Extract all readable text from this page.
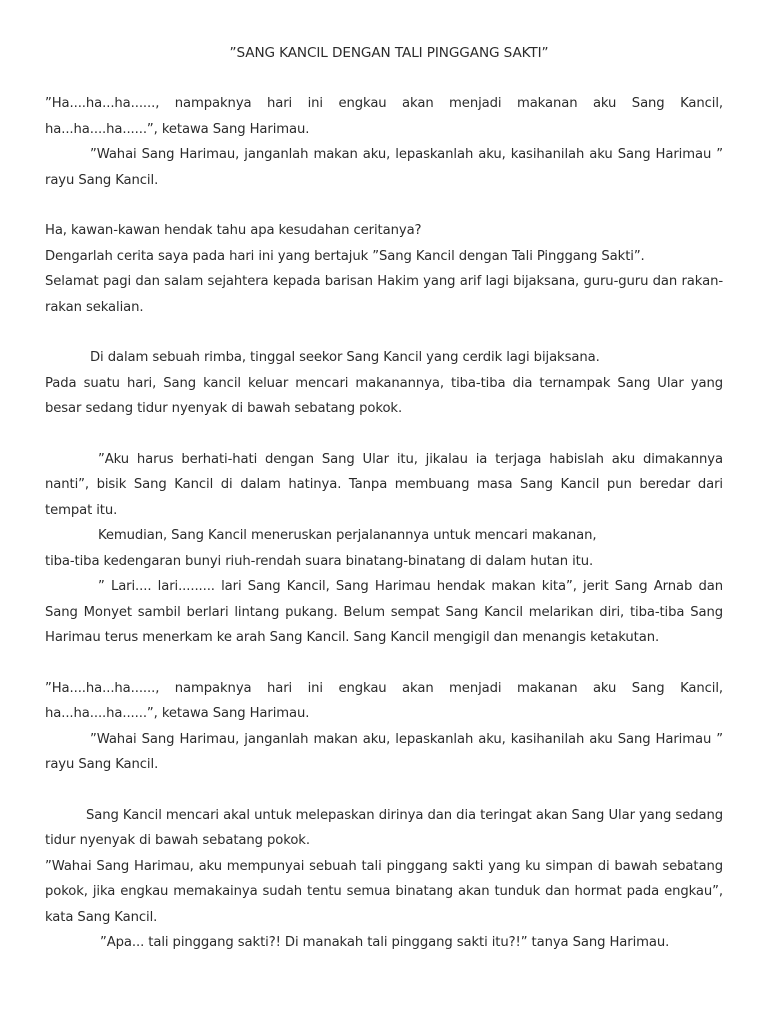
”SANG KANCIL DENGAN TALI PINGGANG SAKTI”

”Ha....ha...ha......, nampaknya hari ini engkau akan menjadi makanan aku Sang Kancil, ha...ha....ha......”, ketawa Sang Harimau.

”Wahai Sang Harimau, janganlah makan aku, lepaskanlah aku, kasihanilah aku Sang Harimau ” rayu Sang Kancil.

Ha, kawan-kawan hendak tahu apa kesudahan ceritanya?

Dengarlah cerita saya pada hari ini yang bertajuk ”Sang Kancil dengan Tali Pinggang Sakti”.

Selamat pagi dan salam sejahtera kepada barisan Hakim yang arif lagi bijaksana, guru-guru dan rakan-rakan sekalian.

Di dalam sebuah rimba, tinggal seekor Sang Kancil yang cerdik lagi bijaksana.

Pada suatu hari, Sang kancil keluar mencari makanannya, tiba-tiba dia ternampak Sang Ular yang besar sedang tidur nyenyak di bawah sebatang pokok.

”Aku harus berhati-hati dengan Sang Ular itu, jikalau ia terjaga habislah aku dimakannya nanti”, bisik Sang Kancil di dalam hatinya. Tanpa membuang masa Sang Kancil pun beredar dari tempat itu.

Kemudian, Sang Kancil meneruskan perjalanannya untuk mencari makanan,

tiba-tiba kedengaran bunyi riuh-rendah suara binatang-binatang di dalam hutan itu.

” Lari.... lari......... lari Sang Kancil, Sang Harimau hendak makan kita”, jerit Sang Arnab dan Sang Monyet sambil berlari lintang pukang. Belum sempat Sang Kancil melarikan diri, tiba-tiba Sang Harimau terus menerkam ke arah Sang Kancil. Sang Kancil mengigil dan menangis ketakutan.

”Ha....ha...ha......, nampaknya hari ini engkau akan menjadi makanan aku Sang Kancil, ha...ha....ha......”, ketawa Sang Harimau.

”Wahai Sang Harimau, janganlah makan aku, lepaskanlah aku, kasihanilah aku Sang Harimau ” rayu Sang Kancil.

Sang Kancil mencari akal untuk melepaskan dirinya dan dia teringat akan Sang Ular yang sedang tidur nyenyak di bawah sebatang pokok.

”Wahai Sang Harimau, aku mempunyai sebuah tali pinggang sakti yang ku simpan di bawah sebatang pokok, jika engkau memakainya sudah tentu semua binatang akan tunduk dan hormat pada engkau”, kata Sang Kancil.

”Apa... tali pinggang sakti?! Di manakah tali pinggang sakti itu?!” tanya Sang Harimau.
